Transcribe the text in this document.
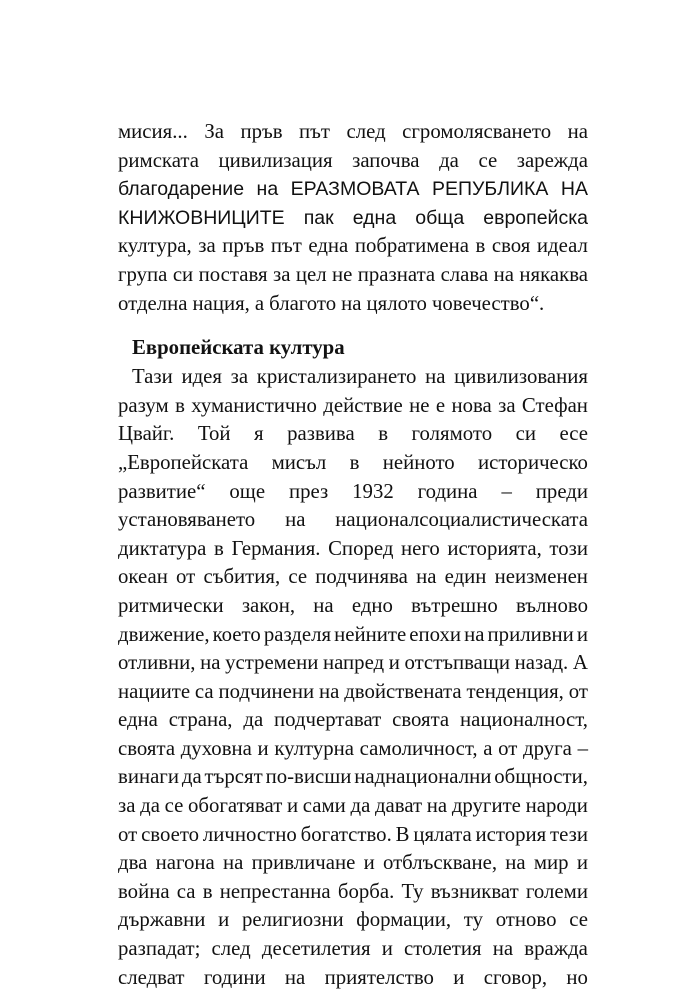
мисия... За пръв път след сгромолясването на
римската цивилизация започва да се зарежда
благодарение на ЕРАЗМОВАТА РЕПУБЛИКА НА
КНИЖОВНИЦИТЕ пак една обща европейска
култура, за пръв път една побратимена в своя идеал
група си поставя за цел не празната слава на някаква
отделна нация, а благото на цялото човечество“.
Европейската култура
Тази идея за кристализирането на цивилизования
разум в хуманистично действие не е нова за Стефан
Цвайг. Той я развива в голямото си есе
„Европейската мисъл в нейното историческо
развитие“ още през 1932 година – преди
установяването на националсоциалистическата
диктатура в Германия. Според него историята, този
океан от събития, се подчинява на един неизменен
ритмически закон, на едно вътрешно вълново
движение, което разделя нейните епохи на приливни и
отливни, на устремени напред и отстъпващи назад. А
нациите са подчинени на двойствената тенденция, от
една страна, да подчертават своята националност,
своята духовна и културна самоличност, а от друга –
винаги да търсят по-висши наднационални общности,
за да се обогатяват и сами да дават на другите народи
от своето личностно богатство. В цялата история тези
два нагона на привличане и отблъскване, на мир и
война са в непрестанна борба. Ту възникват големи
държавни и религиозни формации, ту отново се
разпадат; след десетилетия и столетия на вражда
следват години на приятелство и сговор, но
